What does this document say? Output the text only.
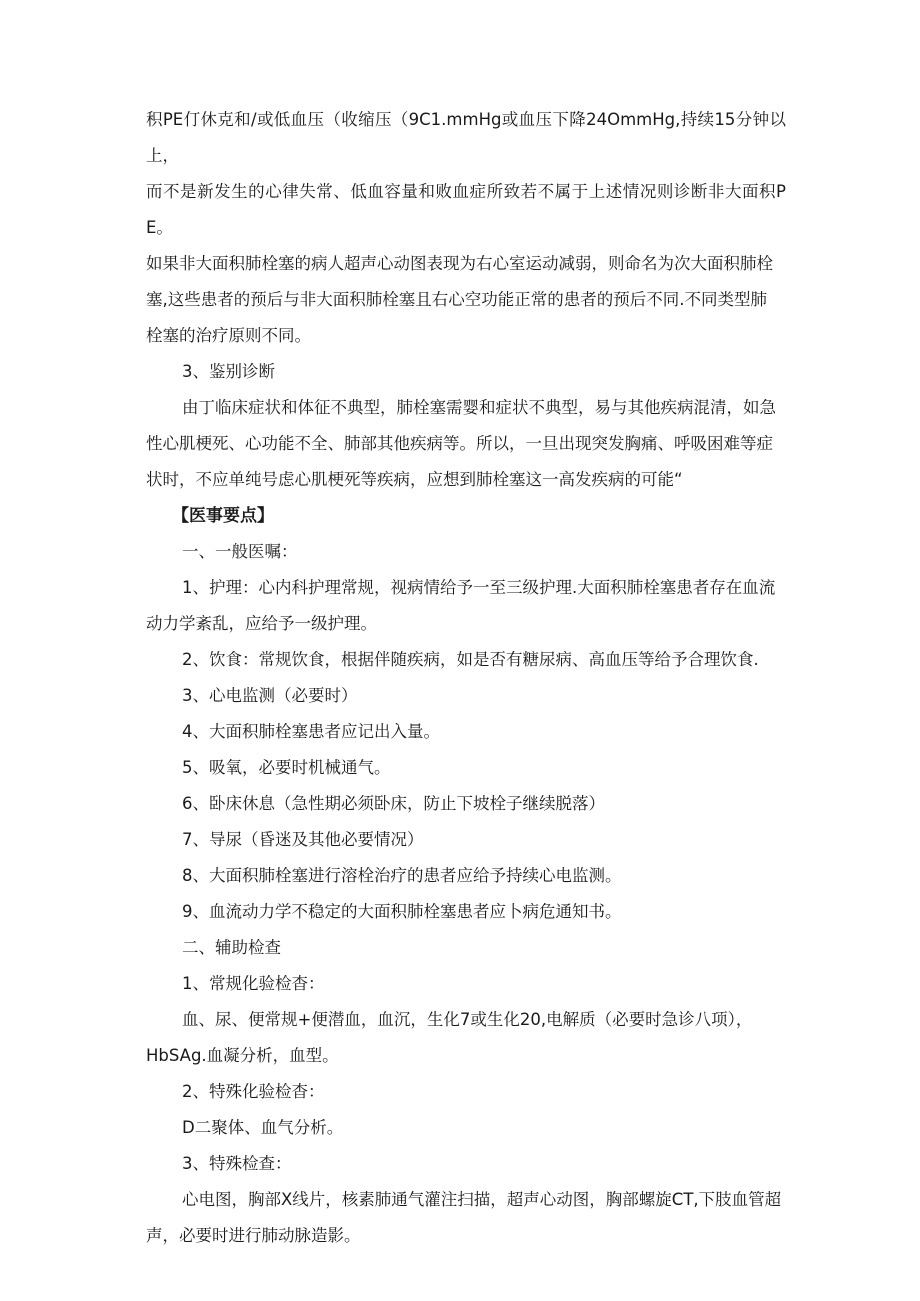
积PE仃休克和/或低血压（收缩压（9C1.mmHg或血压下降24OmmHg,持续15分钟以上，

而不是新发生的心律失常、低血容量和败血症所致若不属于上述情况则诊断非大面积PE。

如果非大面积肺栓塞的病人超声心动图表现为右心室运动减弱，则命名为次大面积肺栓

塞,这些患者的预后与非大面积肺栓塞且右心空功能正常的患者的预后不同.不同类型肺

栓塞的治疗原则不同。

3、鉴别诊断

由丁临床症状和体征不典型，肺栓塞需婴和症状不典型，易与其他疾病混清，如急

性心肌梗死、心功能不全、肺部其他疾病等。所以，一旦出现突发胸痛、呼吸困难等症

状时，不应单纯号虑心肌梗死等疾病，应想到肺栓塞这一高发疾病的可能“

【医事要点】

一、一般医嘱：

1、护理：心内科护理常规，视病情给予一至三级护理.大面积肺栓塞患者存在血流

动力学紊乱，应给予一级护理。

2、饮食：常规饮食，根据伴随疾病，如是否有糖尿病、高血压等给予合理饮食.

3、心电监测（必要时）

4、大面积肺栓塞患者应记出入量。

5、吸氧，必要时机械通气。

6、卧床休息（急性期必须卧床，防止下坡栓子继续脱落）

7、导尿（昏迷及其他必要情况）

8、大面积肺栓塞进行溶栓治疗的患者应给予持续心电监测。

9、血流动力学不稳定的大面积肺栓塞患者应卜病危通知书。

二、辅助检查

1、常规化验检杳：

血、尿、便常规+便潜血，血沉，生化7或生化20,电解质（必要时急诊八项），

HbSAg.血凝分析，血型。

2、特殊化验检杳：

D二聚体、血气分析。

3、特殊检查：

心电图，胸部X线片，核素肺通气灌注扫描，超声心动图，胸部螺旋CT,下肢血管超

声，必要时进行肺动脉造影。
